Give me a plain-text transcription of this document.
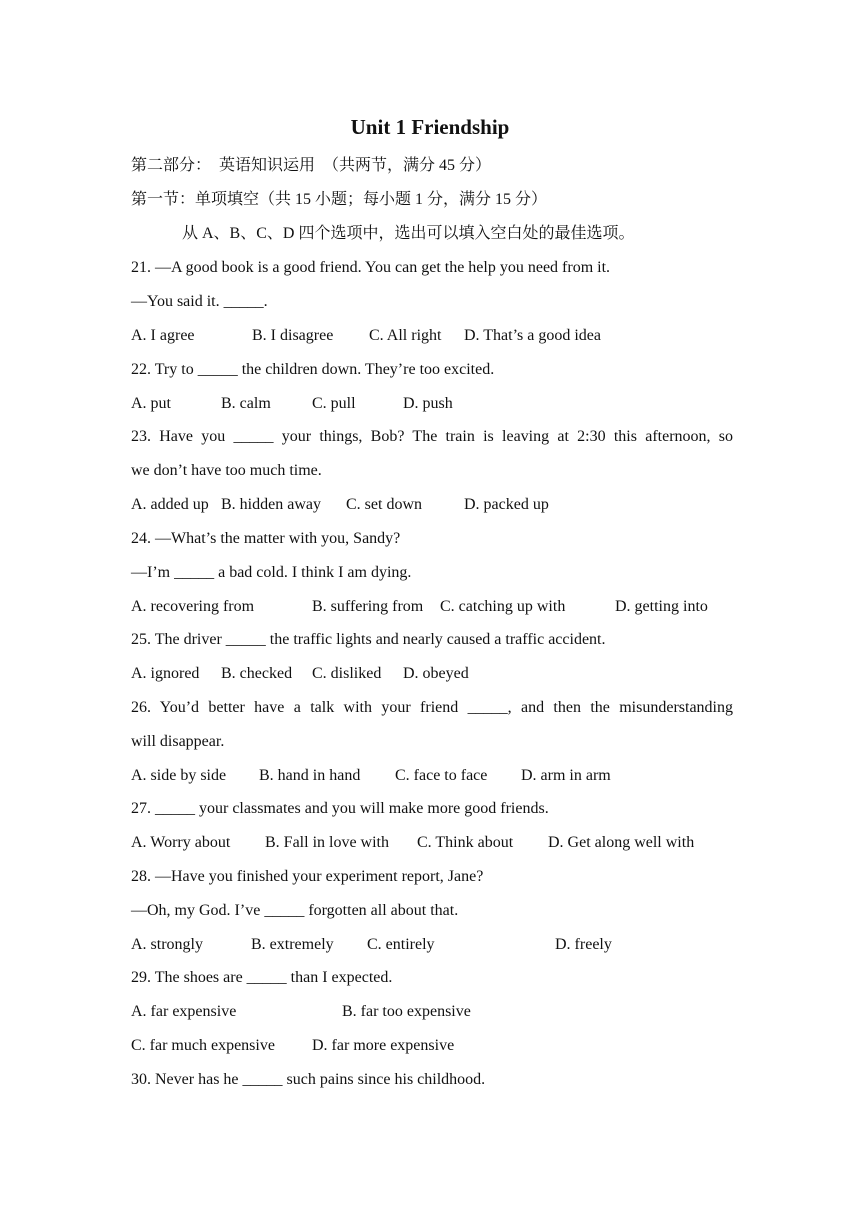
Unit 1 Friendship
第二部分：　英语知识运用　（共两节，满分 45 分）
第一节：单项填空（共 15 小题；每小题 1 分，满分 15 分）
从 A、B、C、D 四个选项中，选出可以填入空白处的最佳选项。
21. —A good book is a good friend. You can get the help you need from it.
—You said it. _____.
A. I agree	B. I disagree C. All right D. That’s a good idea
22. Try to _____ the children down. They’re too excited.
A. put	B. calm	C. pull	D. push
23. Have you _____ your things, Bob? The train is leaving at 2:30 this afternoon, so
we don’t have too much time.
A. added up B. hidden away C. set down	D. packed up
24. —What’s the matter with you, Sandy?
—I’m _____ a bad cold. I think I am dying.
A. recovering from	B. suffering from C. catching up with	D. getting into
25. The driver _____ the traffic lights and nearly caused a traffic accident.
A. ignored B. checked C. disliked D. obeyed
26. You’d better have a talk with your friend _____, and then the misunderstanding
will disappear.
A. side by side B. hand in hand C. face to face D. arm in arm
27. _____ your classmates and you will make more good friends.
A. Worry about B. Fall in love with C. Think about D. Get along well with
28. —Have you finished your experiment report, Jane?
—Oh, my God. I’ve _____ forgotten all about that.
A. strongly	B. extremely C. entirely	D. freely
29. The shoes are _____ than I expected.
A. far expensive	B. far too expensive
C. far much expensive D. far more expensive
30. Never has he _____ such pains since his childhood.
